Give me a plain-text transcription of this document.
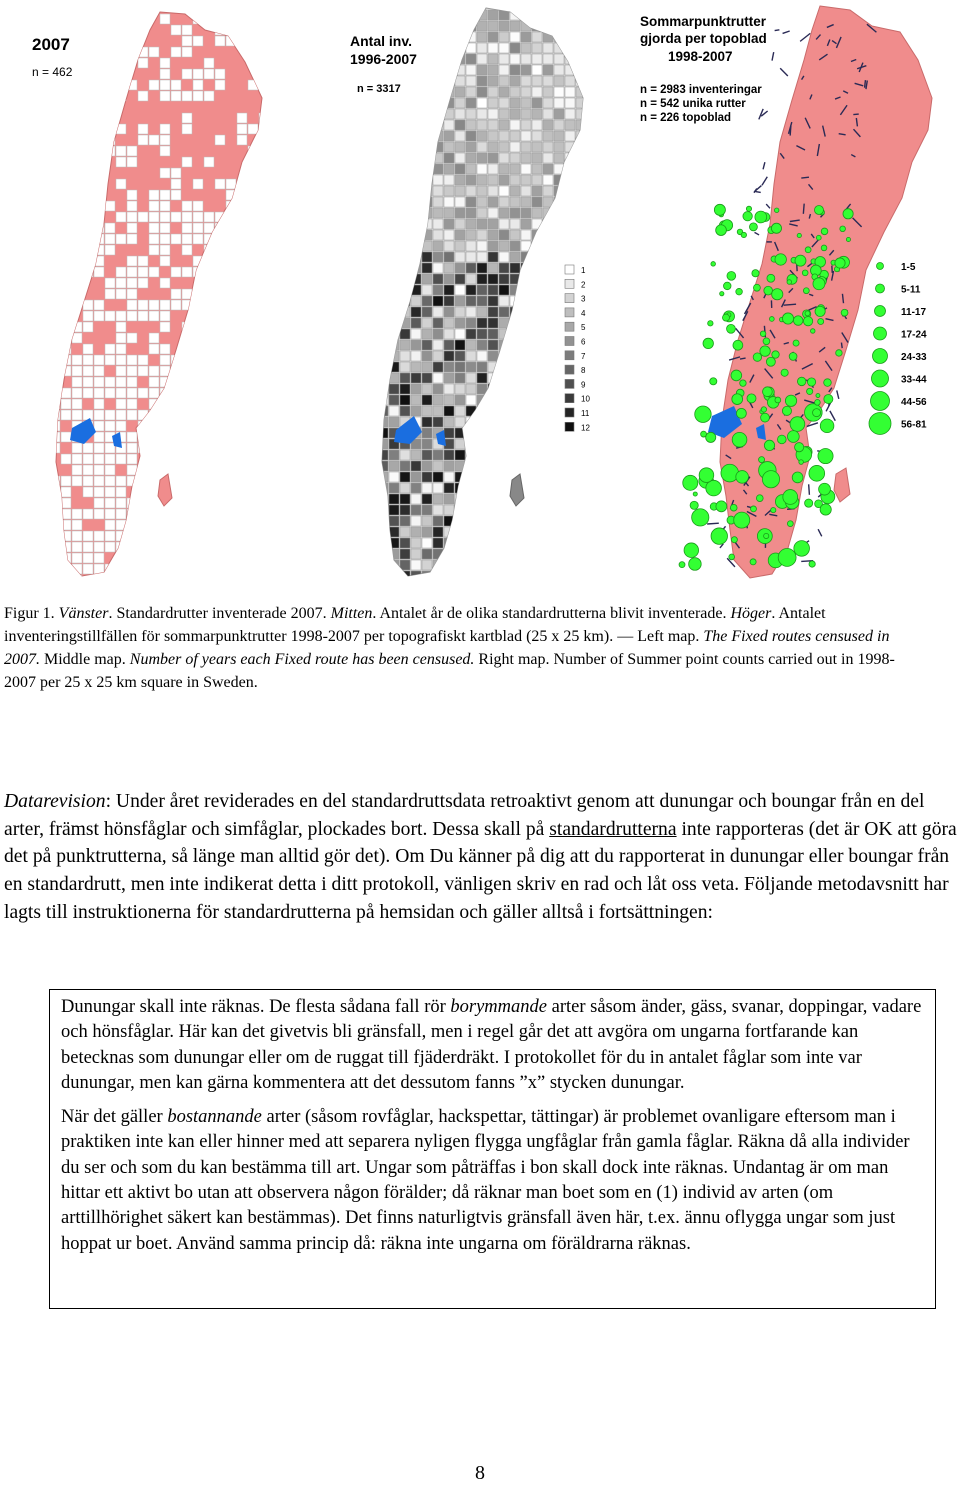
2007
n = 462
Antal inv.
1996-2007
n = 3317
1
2
3
4
5
6
7
8
9
10
11
12
Sommarpunktrutter
gjorda per topoblad
1998-2007
n = 2983 inventeringar
n = 542 unika rutter
n = 226 topoblad
1-5
5-11
11-17
17-24
24-33
33-44
44-56
56-81

Figur 1. Vänster. Standardrutter inventerade 2007. Mitten. Antalet år de olika standardrutterna blivit inventerade. Höger. Antalet inventeringstillfällen för sommarpunktrutter 1998-2007 per topografiskt kartblad (25 x 25 km). — Left map. The Fixed routes censused in 2007. Middle map. Number of years each Fixed route has been censused. Right map. Number of Summer point counts carried out in 1998-2007 per 25 x 25 km square in Sweden.

Datarevision: Under året reviderades en del standardruttsdata retroaktivt genom att dunungar och boungar från en del arter, främst hönsfåglar och simfåglar, plockades bort. Dessa skall på standardrutterna inte rapporteras (det är OK att göra det på punktrutterna, så länge man alltid gör det). Om Du känner på dig att du rapporterat in dunungar eller boungar från en standardrutt, men inte indikerat detta i ditt protokoll, vänligen skriv en rad och låt oss veta. Följande metodavsnitt har lagts till instruktionerna för standardrutterna på hemsidan och gäller alltså i fortsättningen:

Dunungar skall inte räknas. De flesta sådana fall rör borymmande arter såsom änder, gäss, svanar, doppingar, vadare och hönsfåglar. Här kan det givetvis bli gränsfall, men i regel går det att avgöra om ungarna fortfarande kan betecknas som dunungar eller om de ruggat till fjäderdräkt. I protokollet för du in antalet fåglar som inte var dunungar, men kan gärna kommentera att det dessutom fanns ”x” stycken dunungar.

När det gäller bostannande arter (såsom rovfåglar, hackspettar, tättingar) är problemet ovanligare eftersom man i praktiken inte kan eller hinner med att separera nyligen flygga ungfåglar från gamla fåglar. Räkna då alla individer du ser och som du kan bestämma till art. Ungar som påträffas i bon skall dock inte räknas. Undantag är om man hittar ett aktivt bo utan att observera någon förälder; då räknar man boet som en (1) individ av arten (om arttillhörighet säkert kan bestämmas). Det finns naturligtvis gränsfall även här, t.ex. ännu oflygga ungar som just hoppat ur boet. Använd samma princip då: räkna inte ungarna om föräldrarna räknas.

8
